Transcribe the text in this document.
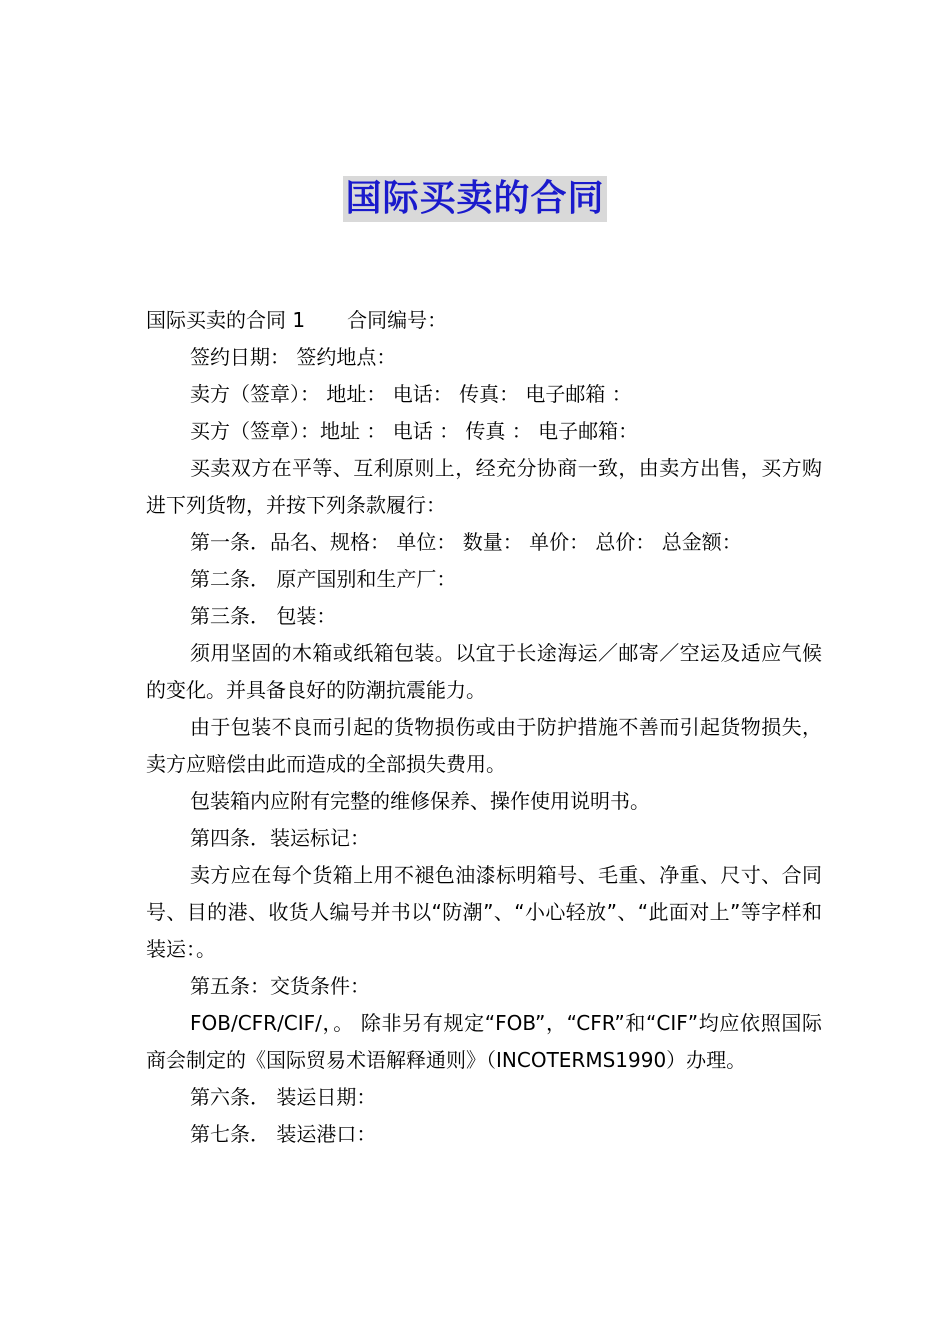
国际买卖的合同

国际买卖的合同 1 合同编号：

签约日期： 签约地点：

卖方（签章）： 地址： 电话： 传真： 电子邮箱 ：

买方（签章）：地址 ： 电话 ： 传真 ： 电子邮箱：

买卖双方在平等、互利原则上，经充分协商一致，由卖方出售，买方购进下列货物，并按下列条款履行：

第一条．品名、规格： 单位： 数量： 单价： 总价： 总金额：

第二条． 原产国别和生产厂：

第三条． 包装：

须用坚固的木箱或纸箱包装。以宜于长途海运／邮寄／空运及适应气候的变化。并具备良好的防潮抗震能力。

由于包装不良而引起的货物损伤或由于防护措施不善而引起货物损失，卖方应赔偿由此而造成的全部损失费用。

包装箱内应附有完整的维修保养、操作使用说明书。

第四条．装运标记：

卖方应在每个货箱上用不褪色油漆标明箱号、毛重、净重、尺寸、合同号、目的港、收货人编号并书以“防潮”、“小心轻放”、“此面对上”等字样和装运：。

第五条：交货条件：

FOB/CFR/CIF/，。 除非另有规定“FOB”，“CFR”和“CIF”均应依照国际商会制定的《国际贸易术语解释通则》（INCOTERMS1990）办理。

第六条． 装运日期：

第七条． 装运港口：
